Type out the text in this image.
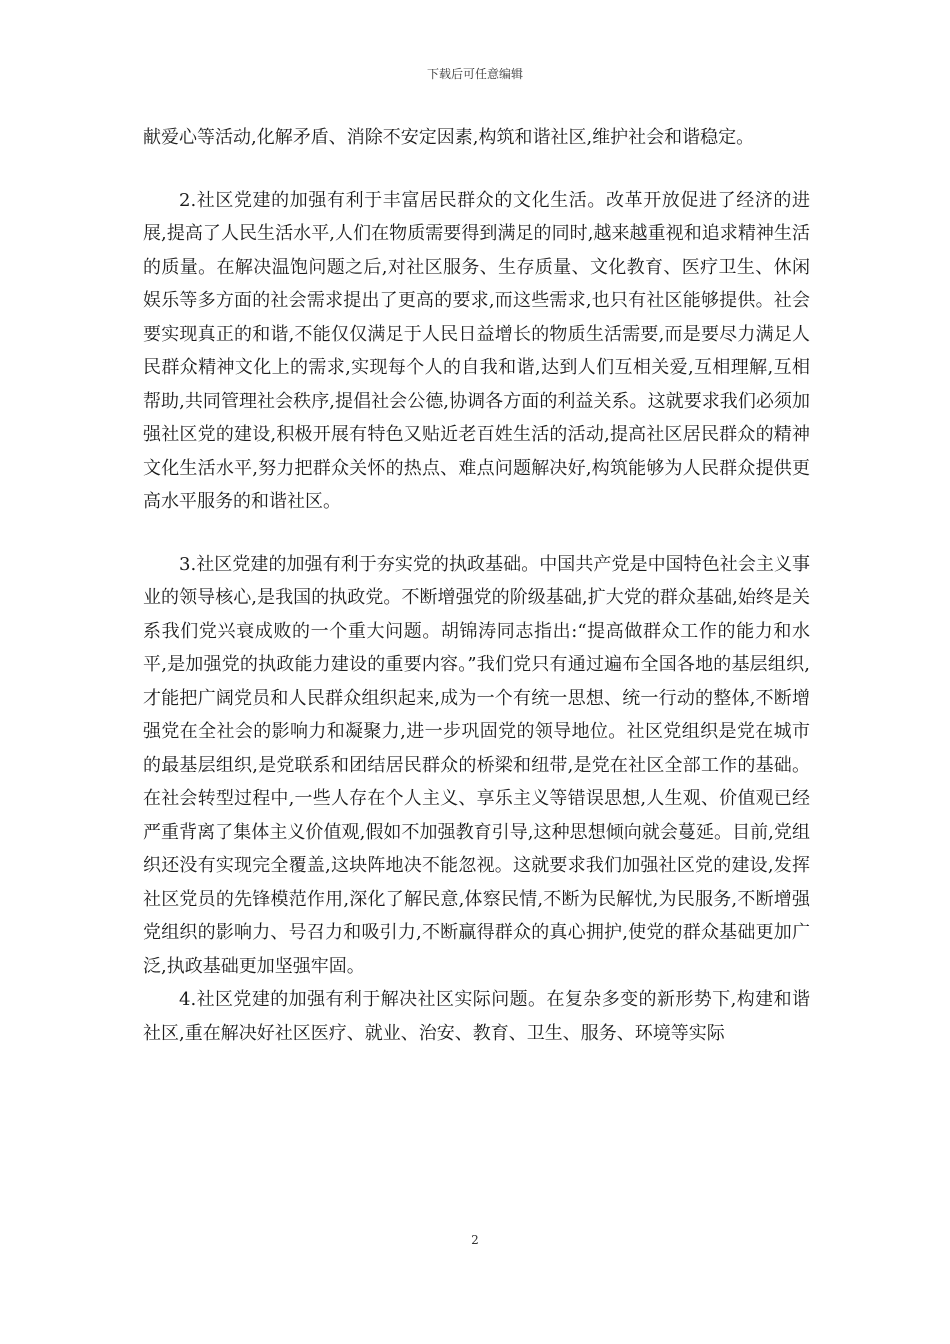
下载后可任意编辑

献爱心等活动,化解矛盾、消除不安定因素,构筑和谐社区,维护社会和谐稳定。

2.社区党建的加强有利于丰富居民群众的文化生活。改革开放促进了经济的进展,提高了人民生活水平,人们在物质需要得到满足的同时,越来越重视和追求精神生活的质量。在解决温饱问题之后,对社区服务、生存质量、文化教育、医疗卫生、休闲娱乐等多方面的社会需求提出了更高的要求,而这些需求,也只有社区能够提供。社会要实现真正的和谐,不能仅仅满足于人民日益增长的物质生活需要,而是要尽力满足人民群众精神文化上的需求,实现每个人的自我和谐,达到人们互相关爱,互相理解,互相帮助,共同管理社会秩序,提倡社会公德,协调各方面的利益关系。这就要求我们必须加强社区党的建设,积极开展有特色又贴近老百姓生活的活动,提高社区居民群众的精神文化生活水平,努力把群众关怀的热点、难点问题解决好,构筑能够为人民群众提供更高水平服务的和谐社区。

3.社区党建的加强有利于夯实党的执政基础。中国共产党是中国特色社会主义事业的领导核心,是我国的执政党。不断增强党的阶级基础,扩大党的群众基础,始终是关系我们党兴衰成败的一个重大问题。胡锦涛同志指出:“提高做群众工作的能力和水平,是加强党的执政能力建设的重要内容。”我们党只有通过遍布全国各地的基层组织,才能把广阔党员和人民群众组织起来,成为一个有统一思想、统一行动的整体,不断增强党在全社会的影响力和凝聚力,进一步巩固党的领导地位。社区党组织是党在城市的最基层组织,是党联系和团结居民群众的桥梁和纽带,是党在社区全部工作的基础。在社会转型过程中,一些人存在个人主义、享乐主义等错误思想,人生观、价值观已经严重背离了集体主义价值观,假如不加强教育引导,这种思想倾向就会蔓延。目前,党组织还没有实现完全覆盖,这块阵地决不能忽视。这就要求我们加强社区党的建设,发挥社区党员的先锋模范作用,深化了解民意,体察民情,不断为民解忧,为民服务,不断增强党组织的影响力、号召力和吸引力,不断赢得群众的真心拥护,使党的群众基础更加广泛,执政基础更加坚强牢固。

4.社区党建的加强有利于解决社区实际问题。在复杂多变的新形势下,构建和谐社区,重在解决好社区医疗、就业、治安、教育、卫生、服务、环境等实际

2
